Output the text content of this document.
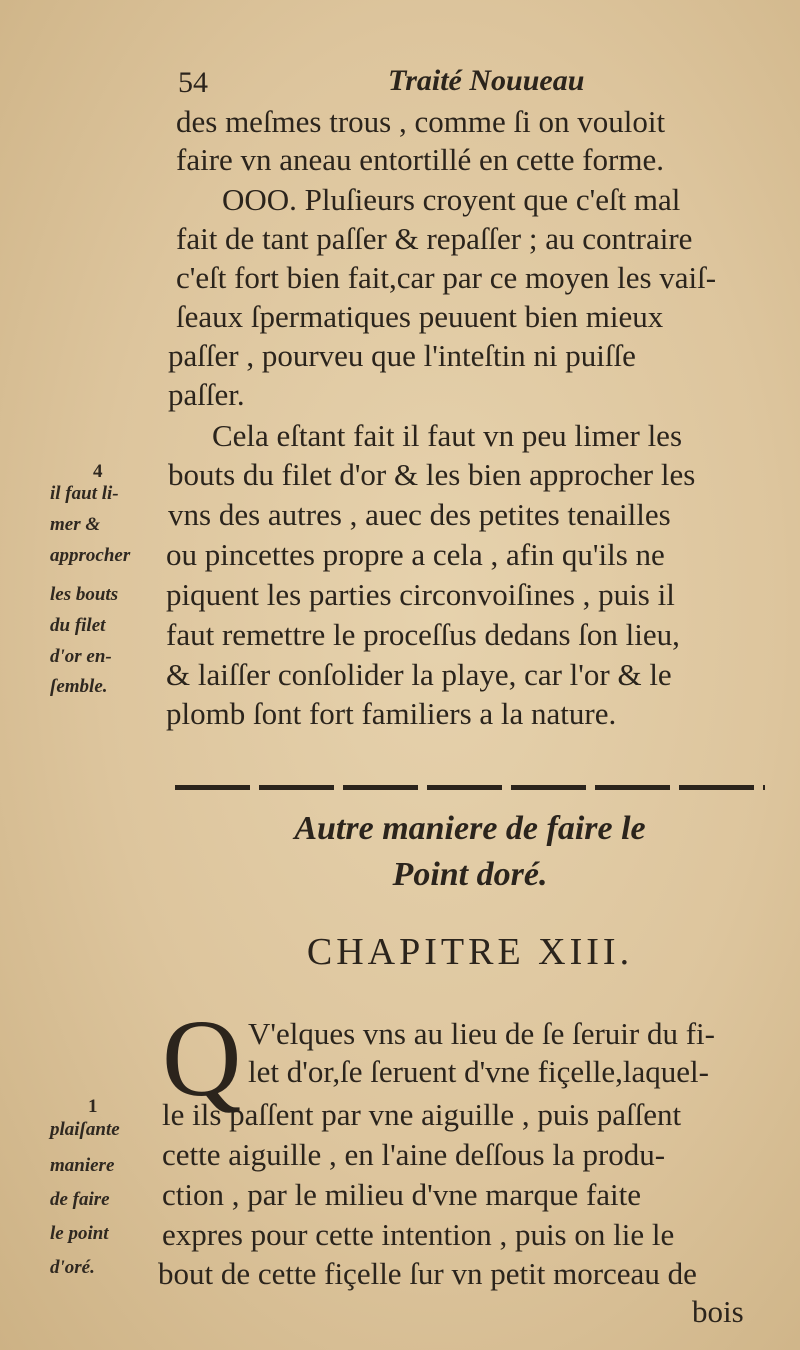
54	Traité Nouueau
des meſmes trous , comme ſi on vouloit
faire vn aneau entortillé en cette forme.
OOO. Pluſieurs croyent que c'eſt mal
fait de tant paſſer & repaſſer ; au contraire
c'eſt fort bien fait,car par ce moyen les vaiſ-
ſeaux ſpermatiques peuuent bien mieux
paſſer , pourveu que l'inteſtin ni puiſſe
paſſer.
Cela eſtant fait il faut vn peu limer les
bouts du filet d'or & les bien approcher les
vns des autres , auec des petites tenailles
ou pincettes propre a cela , afin qu'ils ne
piquent les parties circonvoiſines , puis il
faut remettre le proceſſus dedans ſon lieu,
& laiſſer conſolider la playe, car l'or & le
plomb ſont fort familiers a la nature.
4
il faut li-
mer &
approcher
les bouts
du filet
d'or en-
ſemble.
Autre maniere de faire le
Point doré.
CHAPITRE XIII.
Q V'elques vns au lieu de ſe ſeruir du fi-
let d'or,ſe ſeruent d'vne fiçelle,laquel-
le ils paſſent par vne aiguille , puis paſſent
cette aiguille , en l'aine deſſous la produ-
ction , par le milieu d'vne marque faite
expres pour cette intention , puis on lie le
bout de cette fiçelle ſur vn petit morceau de
bois
1
plaiſante
maniere
de faire
le point
d'oré.
